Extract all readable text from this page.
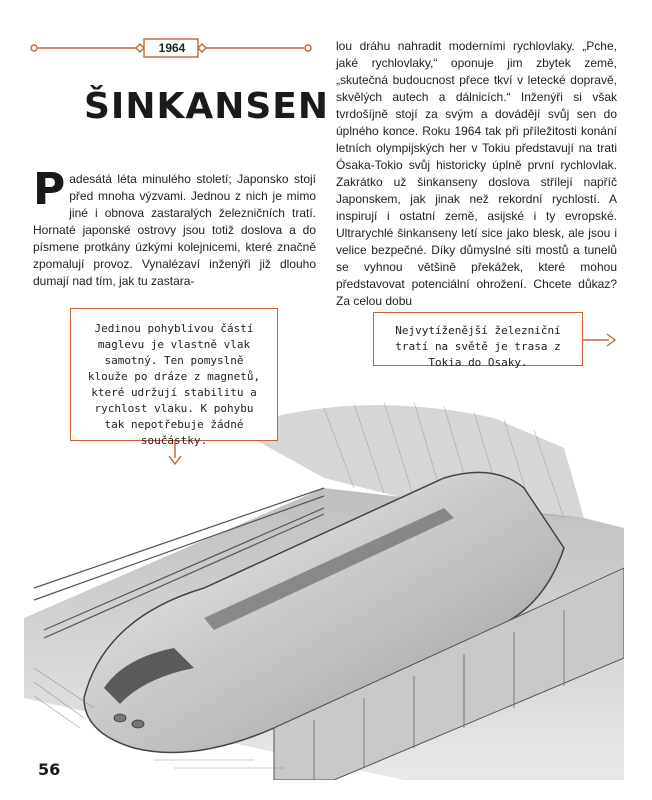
1964
ŠINKANSEN
Padesátá léta minulého století; Japonsko stojí před mnoha výzvami. Jednou z nich je mimo jiné i obnova zastaralých železničních tratí. Hornaté japonské ostrovy jsou totiž doslova a do písmene protkány úzkými kolejnicemi, které značně zpomalují provoz. Vynalézaví inženýři již dlouho dumají nad tím, jak tu zastara-
lou dráhu nahradit moderními rychlovlaky. „Pche, jaké rychlovlaky,“ oponuje jim zbytek země, „skutečná budoucnost přece tkví v letecké dopravě, skvělých autech a dálnicích.“ Inženýři si však tvrdošíjně stojí za svým a dovádějí svůj sen do úplného konce. Roku 1964 tak při příležitosti konání letních olympijských her v Tokiu představují na trati Ósaka-Tokio svůj historicky úplně první rychlovlak. Zakrátko už šinkanseny doslova střílejí napříč Japonskem, jak jinak než rekordní rychlostí. A inspirují i ostatní země, asijské i ty evropské. Ultrarychlé šinkanseny letí sice jako blesk, ale jsou i velice bezpečné. Díky důmyslné síti mostů a tunelů se vyhnou většině překážek, které mohou představovat potenciální ohrožení. Chcete důkaz? Za celou dobu
Jedinou pohyblivou částí maglevu je vlastně vlak samotný. Ten pomyslně klouže po dráze z magnetů, které udržují stabilitu a rychlost vlaku. K pohybu tak nepotřebuje žádné součástky.
Nejvytíženější železniční tratí na světě je trasa z Tokia do Osaky.
56
